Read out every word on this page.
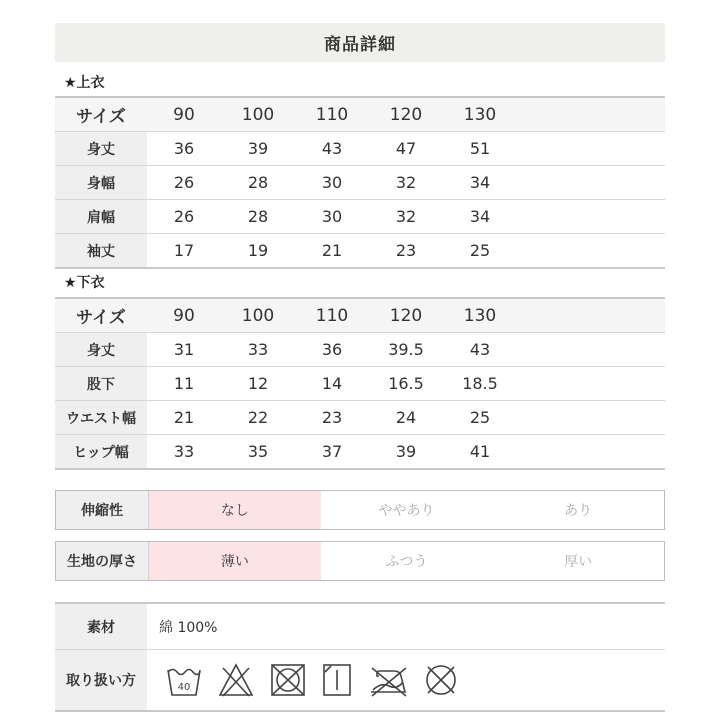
商品詳細
★上衣
サイズ	90	100	110	120	130	
身丈	36	39	43	47	51	
身幅	26	28	30	32	34	
肩幅	26	28	30	32	34	
袖丈	17	19	21	23	25	
★下衣
サイズ	90	100	110	120	130	
身丈	31	33	36	39.5	43	
股下	11	12	14	16.5	18.5	
ウエスト幅	21	22	23	24	25	
ヒップ幅	33	35	37	39	41	
伸縮性	なし	ややあり	あり
生地の厚さ	薄い	ふつう	厚い
素材	綿 100%
取り扱い方	40
